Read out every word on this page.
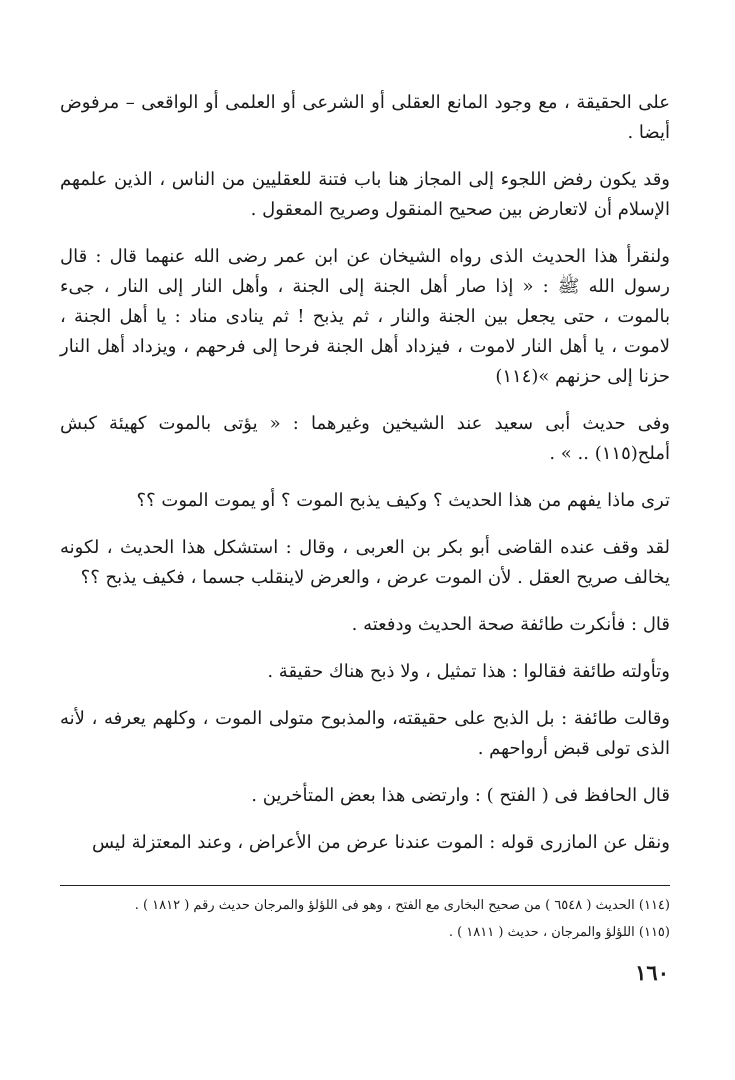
على الحقيقة ، مع وجود المانع العقلى أو الشرعى أو العلمى أو الواقعى – مرفوض أيضا .

وقد يكون رفض اللجوء إلى المجاز هنا باب فتنة للعقليين من الناس ، الذين علمهم الإسلام أن لاتعارض بين صحيح المنقول وصريح المعقول .

ولنقرأ هذا الحديث الذى رواه الشيخان عن ابن عمر رضى الله عنهما قال : قال رسول الله ﷺ : « إذا صار أهل الجنة إلى الجنة ، وأهل النار إلى النار ، جىء بالموت ، حتى يجعل بين الجنة والنار ، ثم يذبح ! ثم ينادى مناد : يا أهل الجنة ، لاموت ، يا أهل النار لاموت ، فيزداد أهل الجنة فرحا إلى فرحهم ، ويزداد أهل النار حزنا إلى حزنهم »(١١٤)

وفى حديث أبى سعيد عند الشيخين وغيرهما : « يؤتى بالموت كهيئة كبش أملح(١١٥) .. » .

ترى ماذا يفهم من هذا الحديث ؟ وكيف يذبح الموت ؟ أو يموت الموت ؟؟

لقد وقف عنده القاضى أبو بكر بن العربى ، وقال : استشكل هذا الحديث ، لكونه يخالف صريح العقل . لأن الموت عرض ، والعرض لاينقلب جسما ، فكيف يذبح ؟؟

قال : فأنكرت طائفة صحة الحديث ودفعته .

وتأولته طائفة فقالوا : هذا تمثيل ، ولا ذبح هناك حقيقة .

وقالت طائفة : بل الذبح على حقيقته، والمذبوح متولى الموت ، وكلهم يعرفه ، لأنه الذى تولى قبض أرواحهم .

قال الحافظ فى ( الفتح ) : وارتضى هذا بعض المتأخرين .

ونقل عن المازرى قوله : الموت عندنا عرض من الأعراض ، وعند المعتزلة ليس

(١١٤) الحديث ( ٦٥٤٨ ) من صحيح البخارى مع الفتح ، وهو فى اللؤلؤ والمرجان حديث رقم ( ١٨١٢ ) .

(١١٥) اللؤلؤ والمرجان ، حديث ( ١٨١١ ) .

١٦٠
